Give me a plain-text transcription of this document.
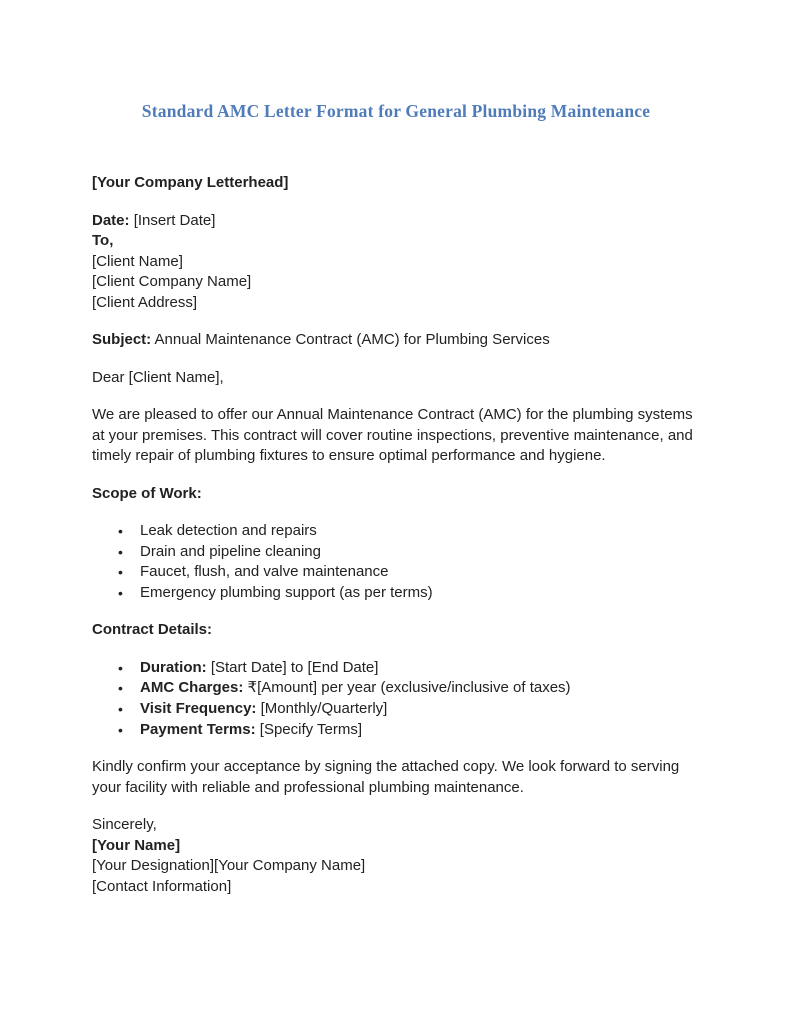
Standard AMC Letter Format for General Plumbing Maintenance

[Your Company Letterhead]

Date: [Insert Date]
To,
[Client Name]
[Client Company Name]
[Client Address]

Subject: Annual Maintenance Contract (AMC) for Plumbing Services

Dear [Client Name],

We are pleased to offer our Annual Maintenance Contract (AMC) for the plumbing systems at your premises. This contract will cover routine inspections, preventive maintenance, and timely repair of plumbing fixtures to ensure optimal performance and hygiene.

Scope of Work:

• Leak detection and repairs
• Drain and pipeline cleaning
• Faucet, flush, and valve maintenance
• Emergency plumbing support (as per terms)

Contract Details:

• Duration: [Start Date] to [End Date]
• AMC Charges: ₹[Amount] per year (exclusive/inclusive of taxes)
• Visit Frequency: [Monthly/Quarterly]
• Payment Terms: [Specify Terms]

Kindly confirm your acceptance by signing the attached copy. We look forward to serving your facility with reliable and professional plumbing maintenance.

Sincerely,
[Your Name]
[Your Designation][Your Company Name]
[Contact Information]
